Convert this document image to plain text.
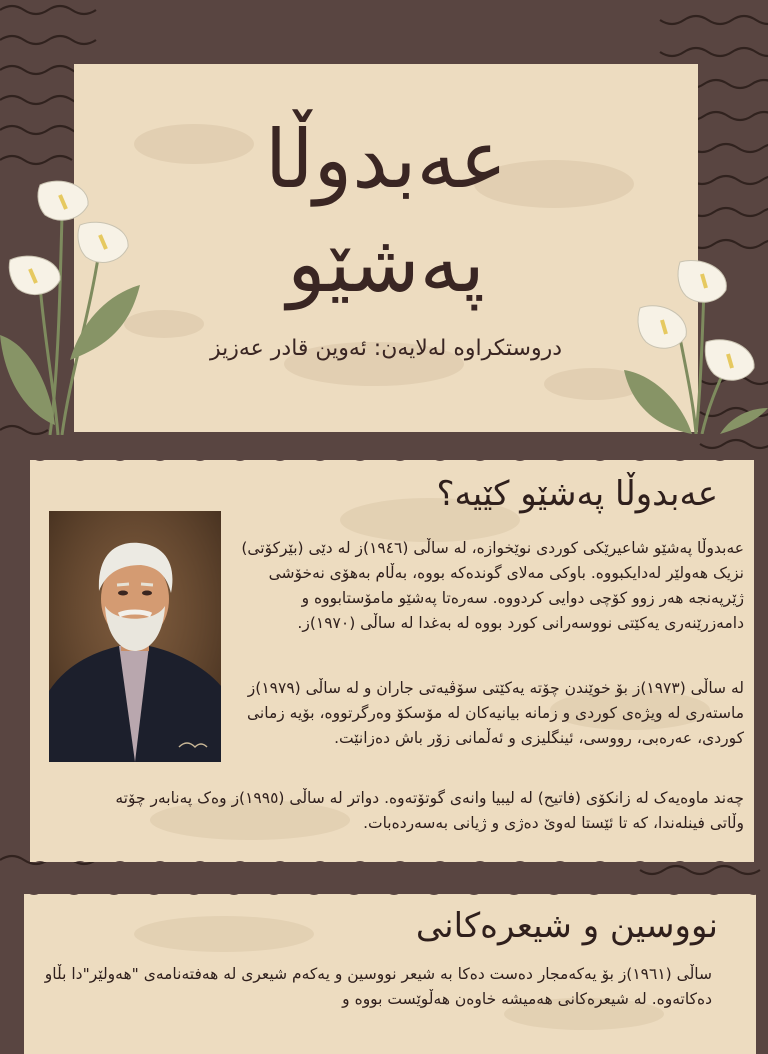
عەبدوڵا
پەشێو
دروستکراوە لەلایەن: ئەوین قادر عەزیز
عەبدوڵا پەشێو کێیە؟

عەبدوڵا پەشێو شاعیرێکی کوردی نوێخوازە، لە ساڵی (١٩٤٦)ز لە دێی (بێرکۆتی) نزیک هەولێر لەدایکبووە. باوکی مەلای گوندەکە بووە، بەڵام بەهۆی نەخۆشی ژێرپەنجە هەر زوو کۆچی دوایی کردووە. سەرەتا پەشێو مامۆستابووە و دامەزرێنەری یەکێتی نووسەرانی کورد بووە لە بەغدا لە ساڵی (١٩٧٠)ز.

لە ساڵی (١٩٧٣)ز بۆ خوێندن چۆتە یەکێتی سۆڤیەتی جاران و لە ساڵی (١٩٧٩)ز ماستەری لە ویژەی کوردی و زمانە بیانیەکان لە مۆسکۆ وەرگرتووە، بۆیە زمانی کوردی، عەرەبی، رووسی، ئینگلیزی و ئەڵمانی زۆر باش دەزانێت.

چەند ماوەیەک لە زانکۆی (فاتیح) لە لیبیا وانەی گوتۆتەوە. دواتر لە ساڵی (١٩٩٥)ز وەک پەنابەر چۆتە وڵاتی فینلەندا، کە تا ئێستا لەوێ دەژی و ژیانی بەسەردەبات.

نووسین و شیعرەکانی

ساڵی (١٩٦١)ز بۆ یەکەمجار دەست دەکا بە شیعر نووسین و یەکەم شیعری لە هەفتەنامەی "هەولێر"دا بڵاو دەکاتەوە. لە شیعرەکانی هەمیشە خاوەن هەڵوێست بووە و
